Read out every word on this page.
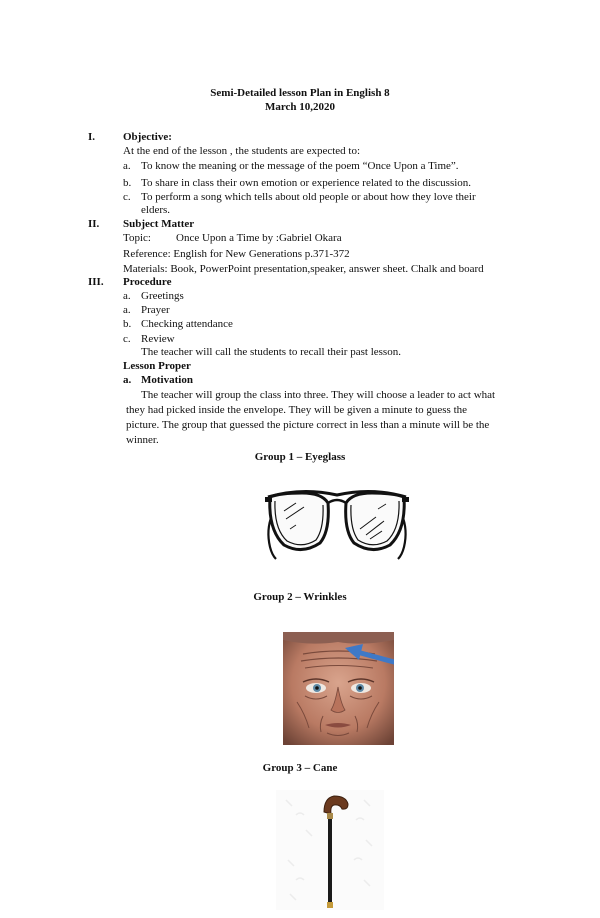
Semi-Detailed lesson Plan in English 8
March 10,2020
I.	Objective:
At the end of the lesson , the students are expected to:
a. To know the meaning or the message of the poem “Once Upon a Time”.
b. To share in class their own emotion or experience related to the discussion.
c. To perform a song which tells about old people or about how they love their
elders.
II. Subject Matter
Topic: Once Upon a Time by :Gabriel Okara
Reference: English for New Generations p.371-372
Materials: Book, PowerPoint presentation,speaker, answer sheet. Chalk and board
III. Procedure
a. Greetings
a. Prayer
b. Checking attendance
c. Review
The teacher will call the students to recall their past lesson.
Lesson Proper
a. Motivation
The teacher will group the class into three. They will choose a leader to act what
they had picked inside the envelope. They will be given a minute to guess the
picture. The group that guessed the picture correct in less than a minute will be the
winner.
Group 1 – Eyeglass
Group 2 – Wrinkles
Group 3 – Cane
